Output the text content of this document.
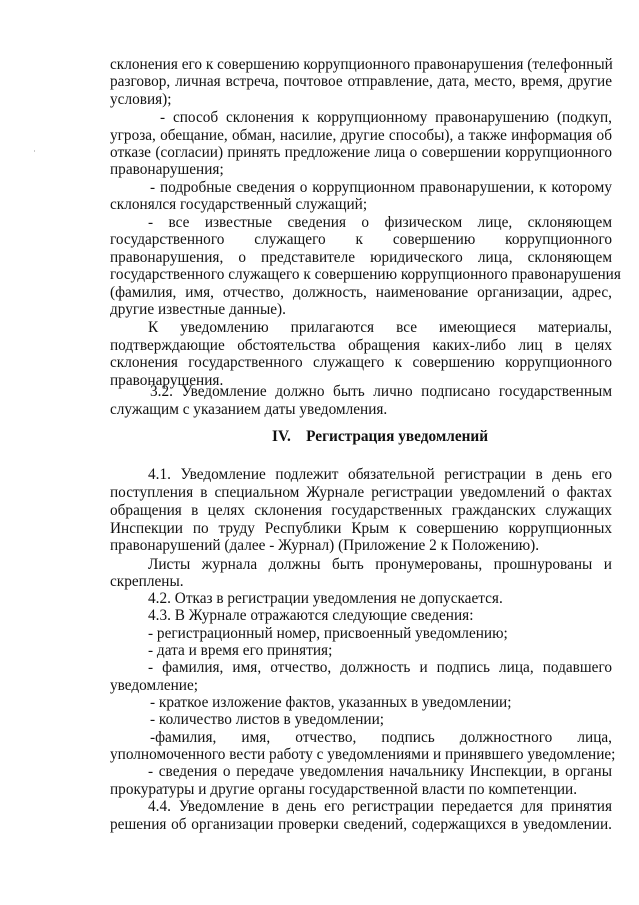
склонения его к совершению коррупционного правонарушения (телефонный
разговор, личная встреча, почтовое отправление, дата, место, время, другие
условия);
- способ склонения к коррупционному правонарушению (подкуп,
угроза, обещание, обман, насилие, другие способы), а также информация об
отказе (согласии) принять предложение лица о совершении коррупционного
правонарушения;
- подробные сведения о коррупционном правонарушении, к которому
склонялся государственный служащий;
- все известные сведения о физическом лице, склоняющем
государственного служащего к совершению коррупционного
правонарушения, о представителе юридического лица, склоняющем
государственного служащего к совершению коррупционного правонарушения
(фамилия, имя, отчество, должность, наименование организации, адрес,
другие известные данные).
К уведомлению прилагаются все имеющиеся материалы,
подтверждающие обстоятельства обращения каких-либо лиц в целях
склонения государственного служащего к совершению коррупционного
правонарушения.
3.2. Уведомление должно быть лично подписано государственным
служащим с указанием даты уведомления.
4.1. Уведомление подлежит обязательной регистрации в день его
поступления в специальном Журнале регистрации уведомлений о фактах
обращения в целях склонения государственных гражданских служащих
Инспекции по труду Республики Крым к совершению коррупционных
правонарушений (далее - Журнал) (Приложение 2 к Положению).
Листы журнала должны быть пронумерованы, прошнурованы и
скреплены.
4.2. Отказ в регистрации уведомления не допускается.
4.3. В Журнале отражаются следующие сведения:
- регистрационный номер, присвоенный уведомлению;
- дата и время его принятия;
- фамилия, имя, отчество, должность и подпись лица, подавшего
уведомление;
- краткое изложение фактов, указанных в уведомлении;
- количество листов в уведомлении;
-фамилия, имя, отчество, подпись должностного лица,
уполномоченного вести работу с уведомлениями и принявшего уведомление;
- сведения о передаче уведомления начальнику Инспекции, в органы
прокуратуры и другие органы государственной власти по компетенции.
4.4. Уведомление в день его регистрации передается для принятия
решения об организации проверки сведений, содержащихся в уведомлении.
IV. Регистрация уведомлений
